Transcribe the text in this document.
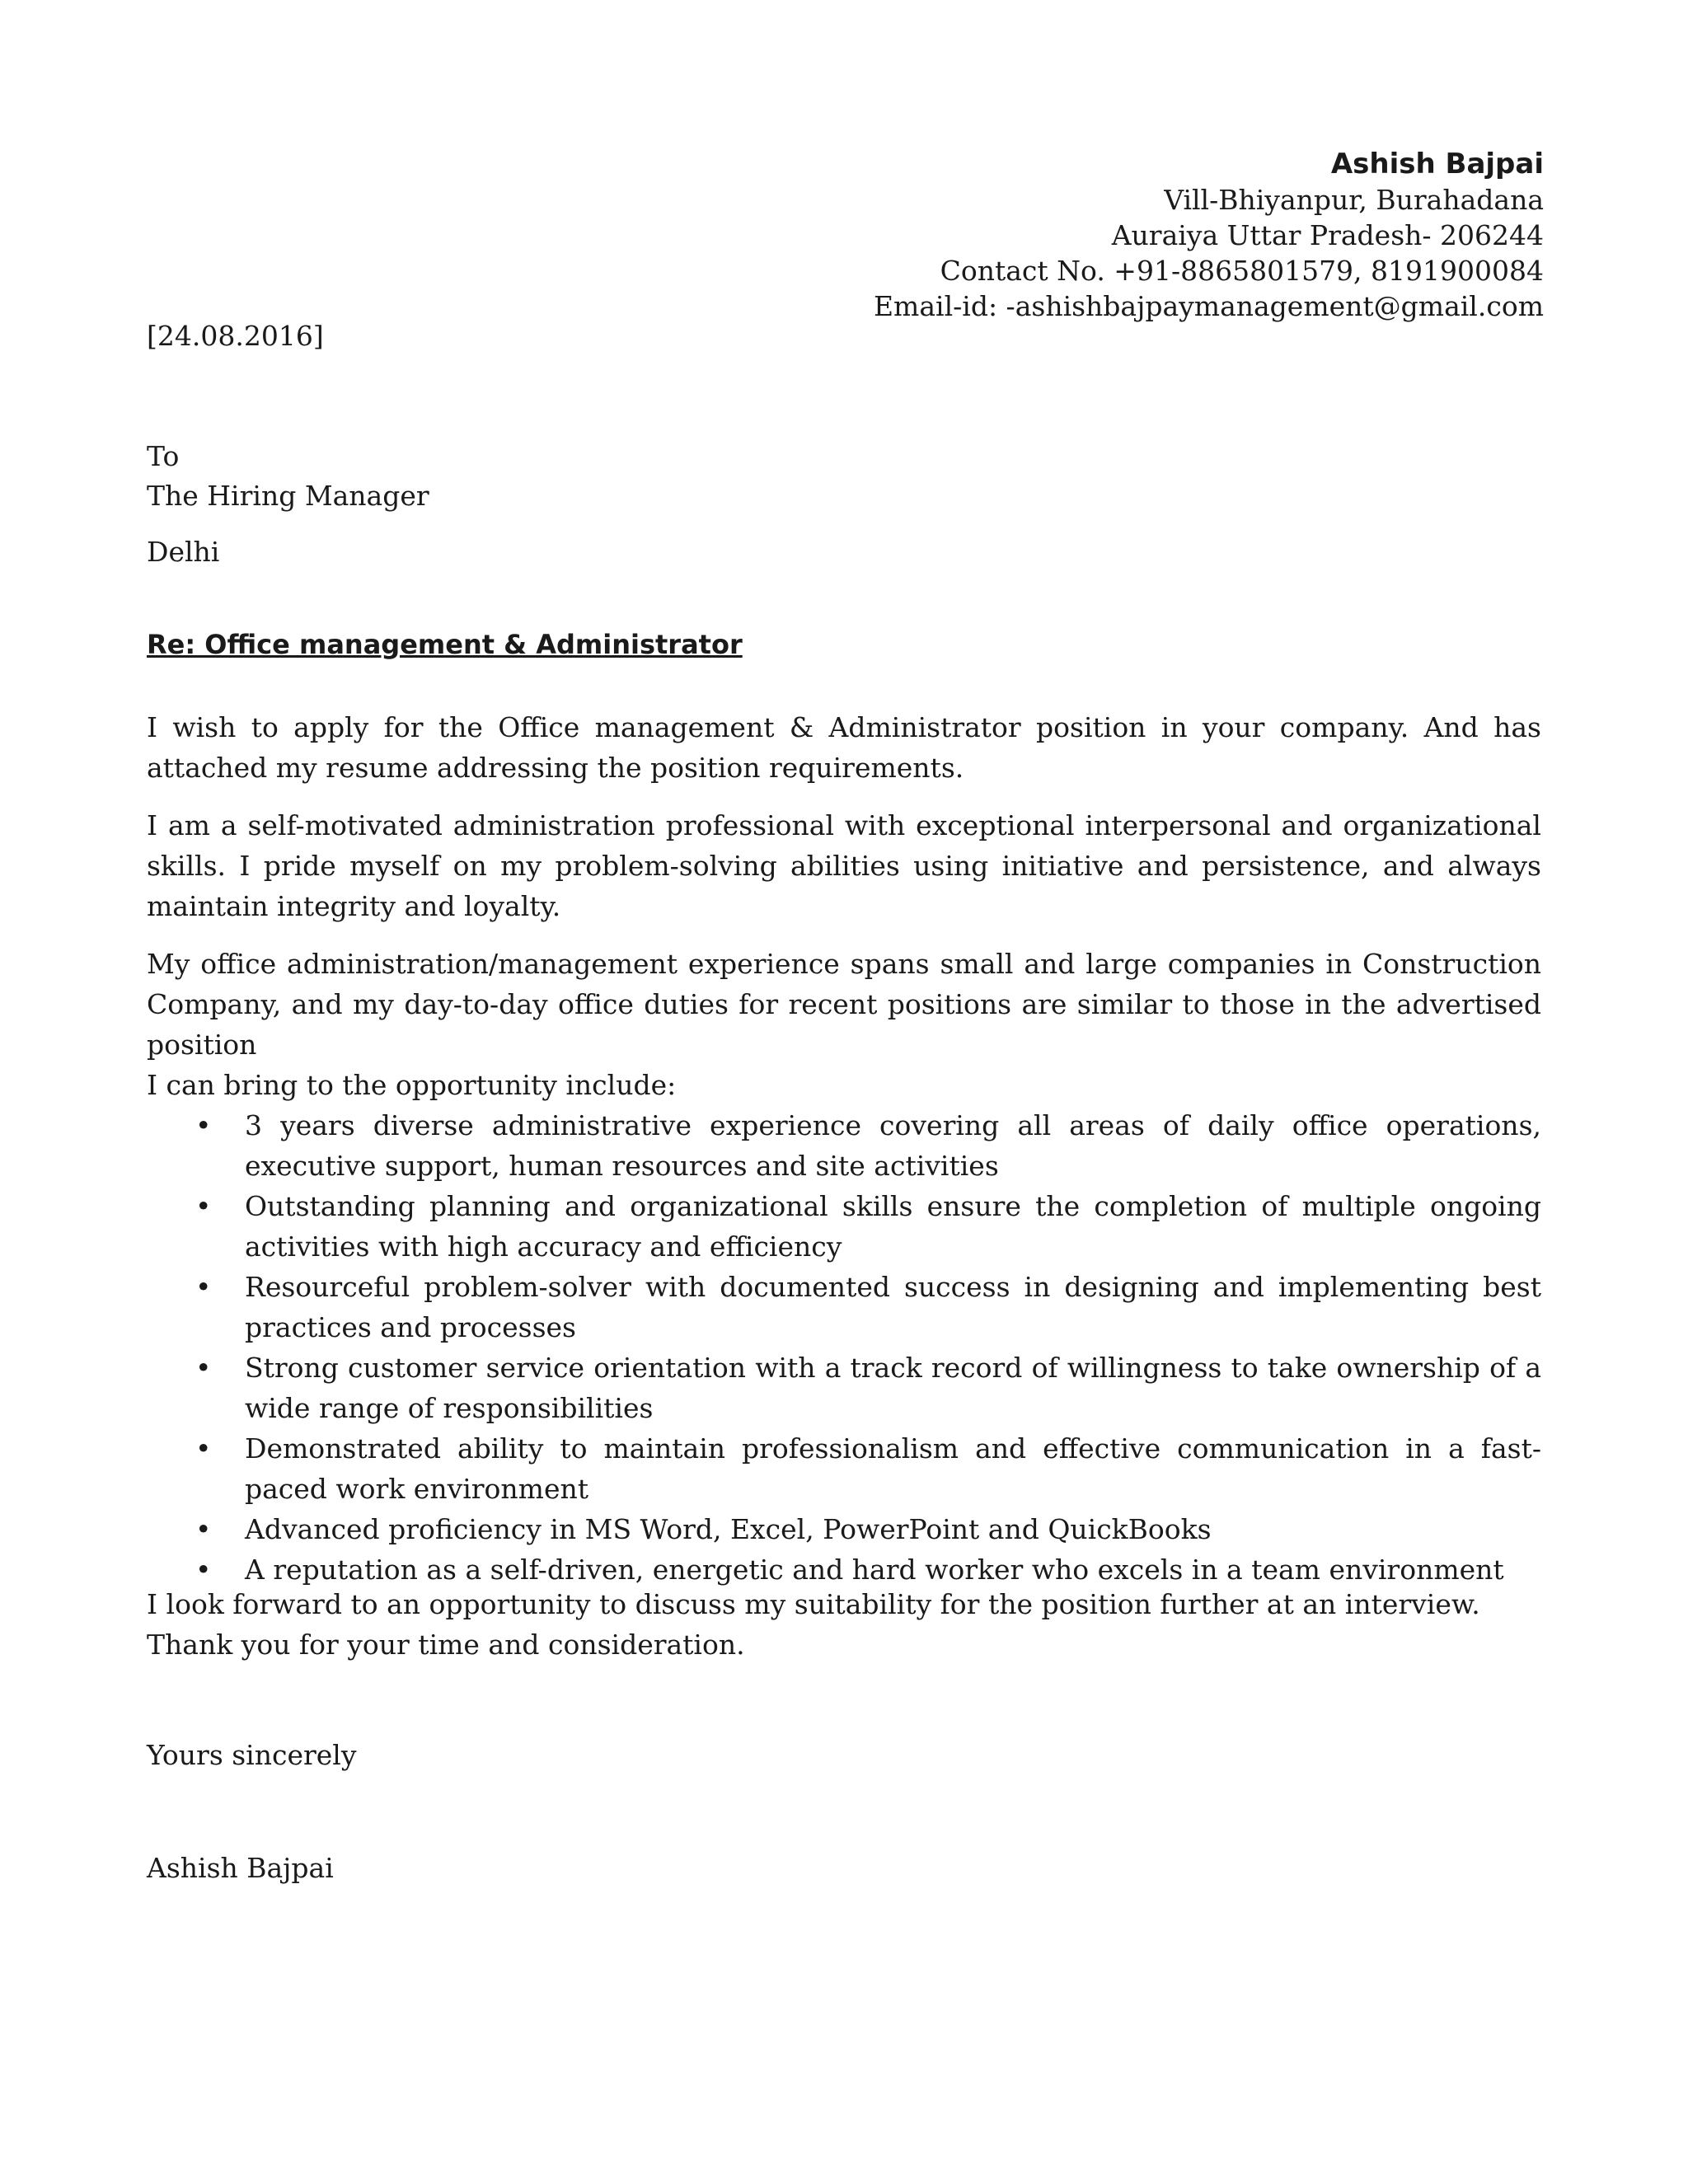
Ashish Bajpai
Vill-Bhiyanpur, Burahadana
Auraiya Uttar Pradesh- 206244
Contact No. +91-8865801579, 8191900084
Email-id: -ashishbajpaymanagement@gmail.com
[24.08.2016]
To
The Hiring Manager
Delhi
Re: Office management & Administrator

I wish to apply for the Office management & Administrator position in your company. And has attached my resume addressing the position requirements.

I am a self-motivated administration professional with exceptional interpersonal and organizational skills. I pride myself on my problem-solving abilities using initiative and persistence, and always maintain integrity and loyalty.

My office administration/management experience spans small and large companies in Construction Company, and my day-to-day office duties for recent positions are similar to those in the advertised position

I can bring to the opportunity include:

• 3 years diverse administrative experience covering all areas of daily office operations, executive support, human resources and site activities
• Outstanding planning and organizational skills ensure the completion of multiple ongoing activities with high accuracy and efficiency
• Resourceful problem-solver with documented success in designing and implementing best practices and processes
• Strong customer service orientation with a track record of willingness to take ownership of a wide range of responsibilities
• Demonstrated ability to maintain professionalism and effective communication in a fast-paced work environment
• Advanced proficiency in MS Word, Excel, PowerPoint and QuickBooks
• A reputation as a self-driven, energetic and hard worker who excels in a team environment
I look forward to an opportunity to discuss my suitability for the position further at an interview.
Thank you for your time and consideration.
Yours sincerely
Ashish Bajpai
